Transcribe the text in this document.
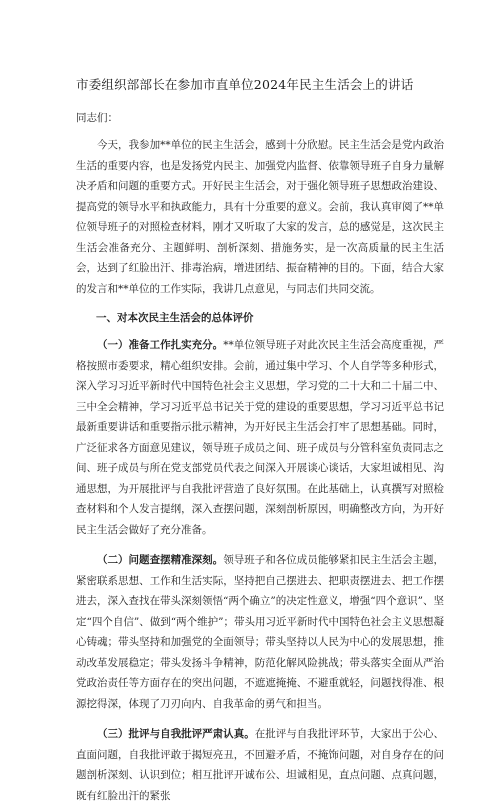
市委组织部部长在参加市直单位2024年民主生活会上的讲话
同志们：

今天，我参加**单位的民主生活会，感到十分欣慰。民主生活会是党内政治生活的重要内容，也是发扬党内民主、加强党内监督、依靠领导班子自身力量解决矛盾和问题的重要方式。开好民主生活会，对于强化领导班子思想政治建设、提高党的领导水平和执政能力，具有十分重要的意义。会前，我认真审阅了**单位领导班子的对照检查材料，刚才又听取了大家的发言，总的感觉是，这次民主生活会准备充分、主题鲜明、剖析深刻、措施务实，是一次高质量的民主生活会，达到了红脸出汗、排毒治病，增进团结、振奋精神的目的。下面，结合大家的发言和**单位的工作实际，我讲几点意见，与同志们共同交流。

一、对本次民主生活会的总体评价

（一）准备工作扎实充分。**单位领导班子对此次民主生活会高度重视，严格按照市委要求，精心组织安排。会前，通过集中学习、个人自学等多种形式，深入学习习近平新时代中国特色社会主义思想，学习党的二十大和二十届二中、三中全会精神，学习习近平总书记关于党的建设的重要思想，学习习近平总书记最新重要讲话和重要指示批示精神，为开好民主生活会打牢了思想基础。同时，广泛征求各方面意见建议，领导班子成员之间、班子成员与分管科室负责同志之间、班子成员与所在党支部党员代表之间深入开展谈心谈话，大家坦诚相见、沟通思想，为开展批评与自我批评营造了良好氛围。在此基础上，认真撰写对照检查材料和个人发言提纲，深入查摆问题，深刻剖析原因，明确整改方向，为开好民主生活会做好了充分准备。

（二）问题查摆精准深刻。领导班子和各位成员能够紧扣民主生活会主题，紧密联系思想、工作和生活实际，坚持把自己摆进去、把职责摆进去、把工作摆进去，深入查找在带头深刻领悟“两个确立”的决定性意义，增强“四个意识”、坚定“四个自信”、做到“两个维护”；带头用习近平新时代中国特色社会主义思想凝心铸魂；带头坚持和加强党的全面领导；带头坚持以人民为中心的发展思想，推动改革发展稳定；带头发扬斗争精神，防范化解风险挑战；带头落实全面从严治党政治责任等方面存在的突出问题，不遮遮掩掩、不避重就轻，问题找得准、根源挖得深，体现了刀刃向内、自我革命的勇气和担当。

（三）批评与自我批评严肃认真。在批评与自我批评环节，大家出于公心、直面问题，自我批评敢于揭短亮丑，不回避矛盾，不掩饰问题，对自身存在的问题剖析深刻、认识到位；相互批评开诚布公、坦诚相见，直点问题、点真问题，既有红脸出汗的紧张
